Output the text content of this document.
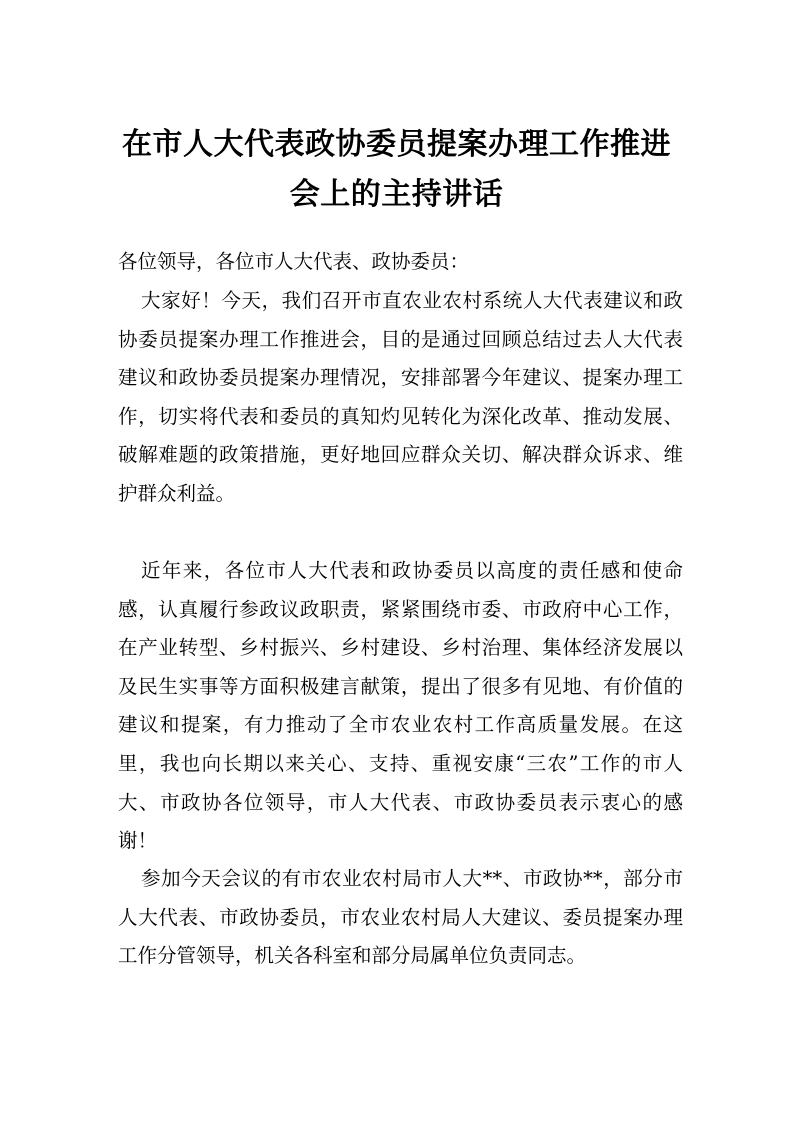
在市人大代表政协委员提案办理工作推进
会上的主持讲话

各位领导，各位市人大代表、政协委员：

大家好！今天，我们召开市直农业农村系统人大代表建议和政协委员提案办理工作推进会，目的是通过回顾总结过去人大代表建议和政协委员提案办理情况，安排部署今年建议、提案办理工作，切实将代表和委员的真知灼见转化为深化改革、推动发展、破解难题的政策措施，更好地回应群众关切、解决群众诉求、维护群众利益。

近年来，各位市人大代表和政协委员以高度的责任感和使命感，认真履行参政议政职责，紧紧围绕市委、市政府中心工作，在产业转型、乡村振兴、乡村建设、乡村治理、集体经济发展以及民生实事等方面积极建言献策，提出了很多有见地、有价值的建议和提案，有力推动了全市农业农村工作高质量发展。在这里，我也向长期以来关心、支持、重视安康“三农”工作的市人大、市政协各位领导，市人大代表、市政协委员表示衷心的感谢！

参加今天会议的有市农业农村局市人大**、市政协**，部分市人大代表、市政协委员，市农业农村局人大建议、委员提案办理工作分管领导，机关各科室和部分局属单位负责同志。
